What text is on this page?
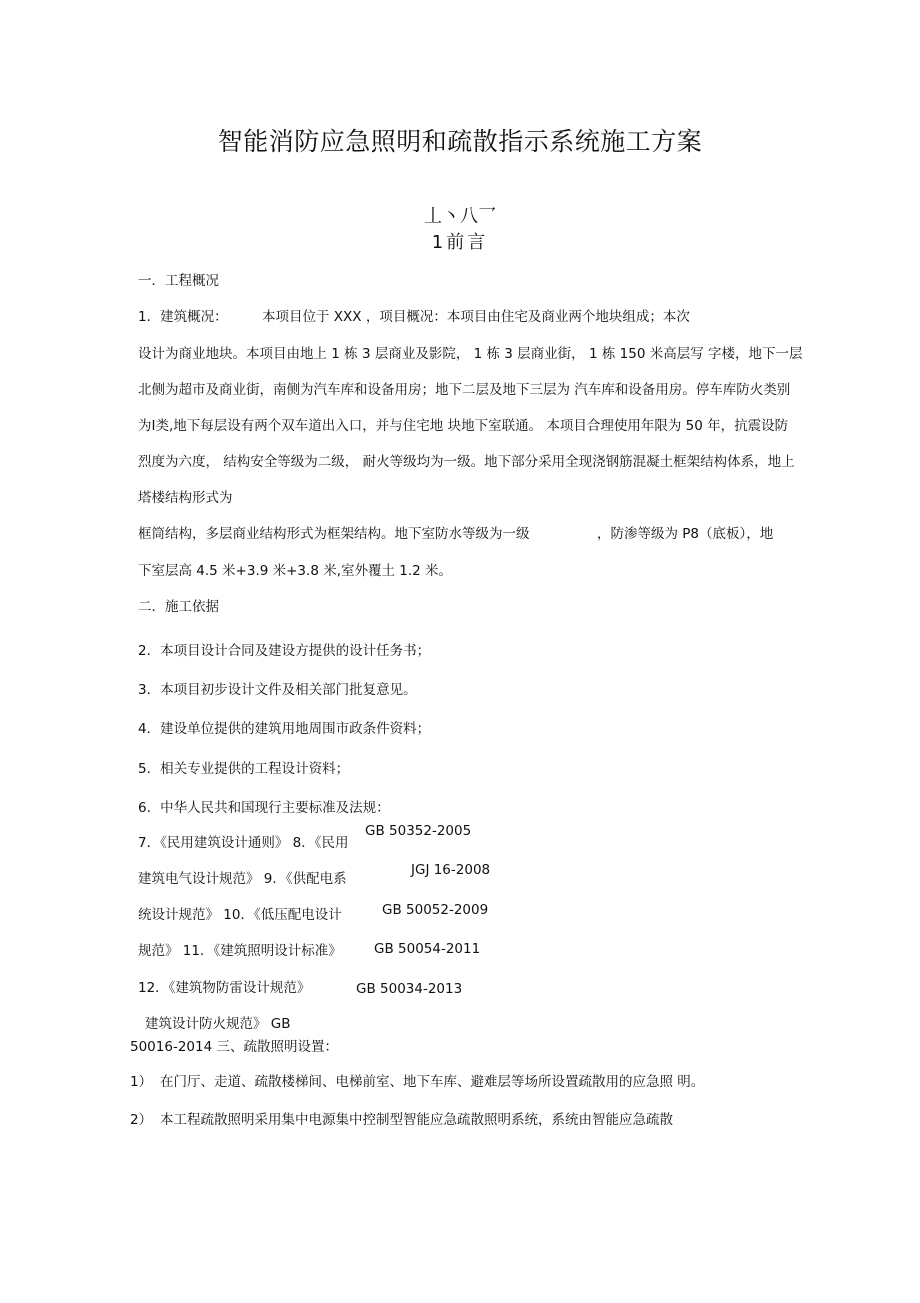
智能消防应急照明和疏散指示系统施工方案
丄丶八乛
1前言
一．工程概况
1．建筑概况：	本项目位于 XXX ，项目概况：本项目由住宅及商业两个地块组成；本次
设计为商业地块。本项目由地上 1 栋 3 层商业及影院， 1 栋 3 层商业街， 1 栋 150 米高层写 字楼，地下一层
北侧为超市及商业街，南侧为汽车库和设备用房；地下二层及地下三层为 汽车库和设备用房。停车库防火类别
为Ⅰ类,地下每层设有两个双车道出入口，并与住宅地 块地下室联通。 本项目合理使用年限为 50 年，抗震设防
烈度为六度， 结构安全等级为二级， 耐火等级均为一级。地下部分采用全现浇钢筋混凝土框架结构体系，地上
塔楼结构形式为
框筒结构，多层商业结构形式为框架结构。地下室防水等级为一级	，防渗等级为 P8（底板），地
下室层高 4.5 米+3.9 米+3.8 米,室外覆土 1.2 米。
二．施工依据
2．本项目设计合同及建设方提供的设计任务书；
3．本项目初步设计文件及相关部门批复意见。
4．建设单位提供的建筑用地周围市政条件资料；
5．相关专业提供的工程设计资料；
6．中华人民共和国现行主要标准及法规：
GB 50352-2005
7．《民用建筑设计通则》 8．《民用
JGJ 16-2008
建筑电气设计规范》 9．《供配电系
GB 50052-2009
统设计规范》 10．《低压配电设计
GB 50054-2011
规范》 11．《建筑照明设计标准》
12．《建筑物防雷设计规范》	GB 50034-2013
建筑设计防火规范》 GB
50016-2014 三、疏散照明设置：
1） 在门厅、走道、疏散楼梯间、电梯前室、地下车库、避难层等场所设置疏散用的应急照 明。
2） 本工程疏散照明采用集中电源集中控制型智能应急疏散照明系统，系统由智能应急疏散
